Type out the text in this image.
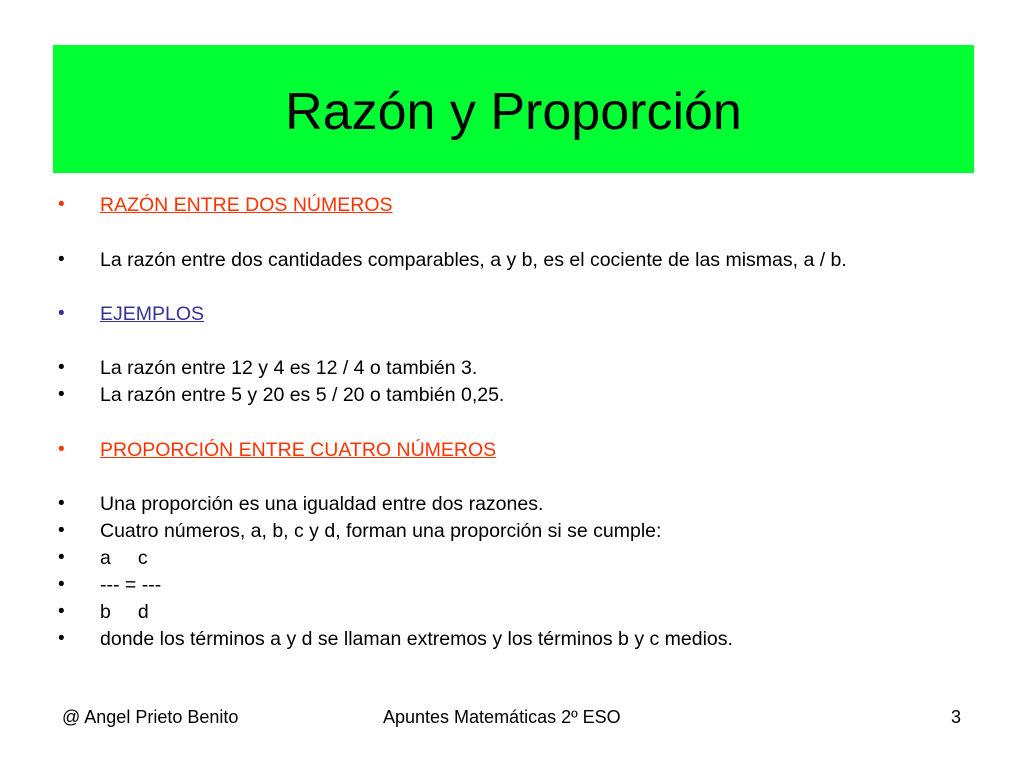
Razón y Proporción
•	RAZÓN ENTRE DOS NÚMEROS
•	La razón entre dos cantidades comparables, a y b, es el cociente de las mismas, a / b.
•	EJEMPLOS
•	La razón entre 12 y 4 es 12 / 4 o también 3.
•	La razón entre 5 y 20 es 5 / 20 o también 0,25.
•	PROPORCIÓN ENTRE CUATRO NÚMEROS
•	Una proporción es una igualdad entre dos razones.
•	Cuatro números, a, b, c y d, forman una proporción si se cumple:
•	a     c
•	--- = ---
•	b     d
•	donde los términos a y d se llaman extremos y los términos b y c medios.
@ Angel Prieto Benito	Apuntes Matemáticas 2º ESO	3
